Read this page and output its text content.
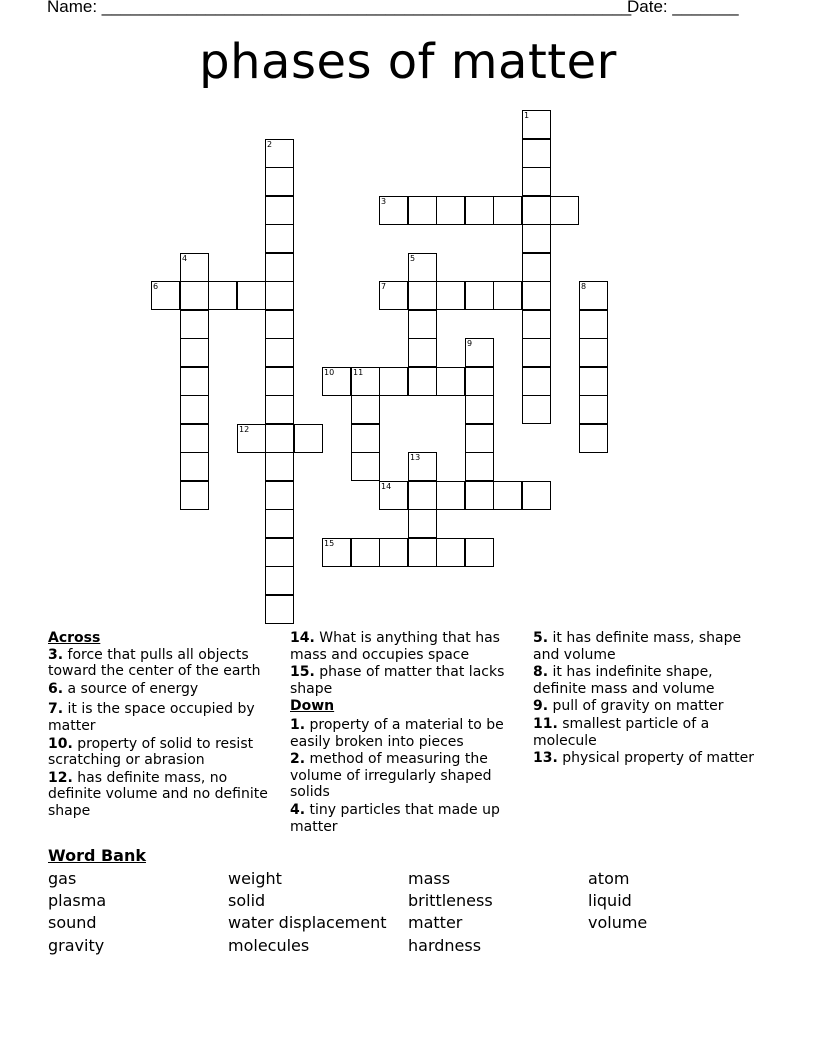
Name: ________________________________________________________
Date: _______
phases of matter
1
2
3
4	5
6	7	8
9
10 11
12
13
14
15

Across

3. force that pulls all objects toward the center of the earth

6. a source of energy

7. it is the space occupied by matter

10. property of solid to resist scratching or abrasion

12. has definite mass, no definite volume and no definite shape

14. What is anything that has mass and occupies space

15. phase of matter that lacks shape

Down

1. property of a material to be easily broken into pieces

2. method of measuring the volume of irregularly shaped solids

4. tiny particles that made up matter

5. it has definite mass, shape and volume

8. it has indefinite shape, definite mass and volume

9. pull of gravity on matter

11. smallest particle of a molecule

13. physical property of matter

Word Bank
gas
plasma
sound
gravity
weight
solid
water displacement
molecules
mass
brittleness
matter
hardness
atom
liquid
volume
